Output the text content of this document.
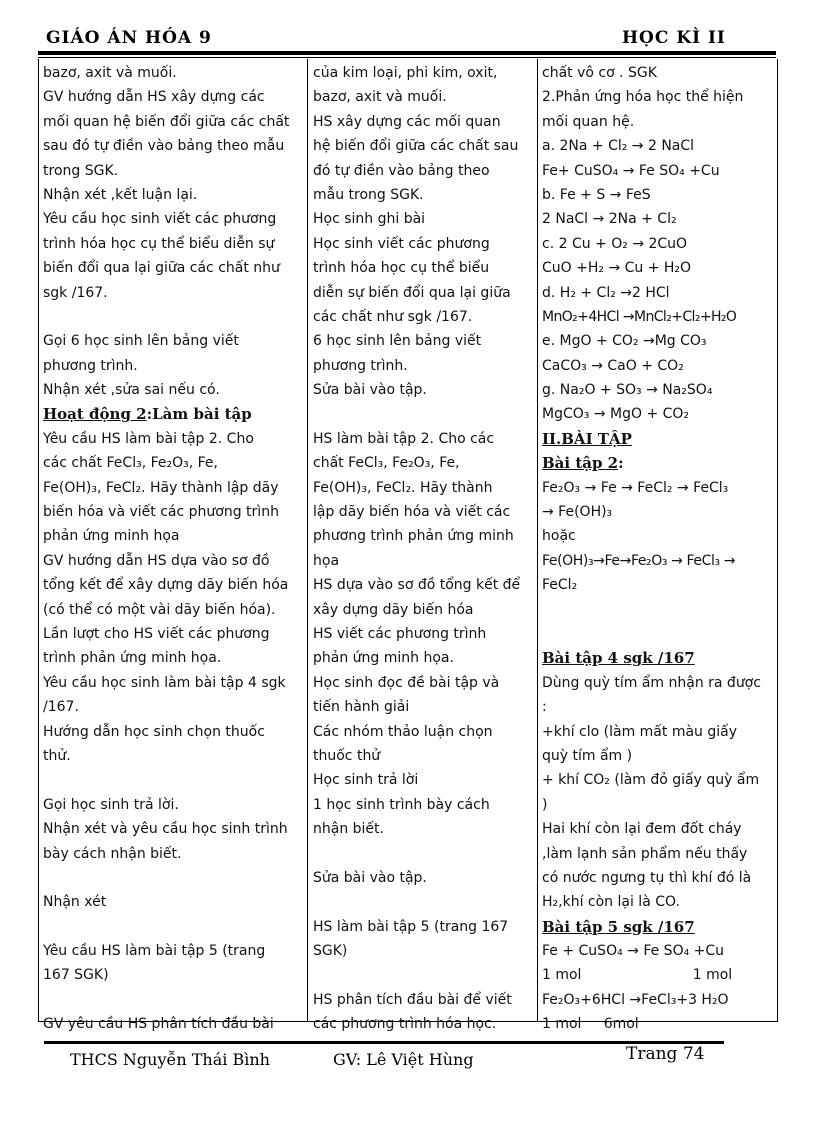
GIÁO ÁN HÓA 9	HỌC KÌ II
bazơ, axit và muối.
GV hướng dẫn HS xây dựng các
mối quan hệ biến đổi giữa các chất
sau đó tự điền vào bảng theo mẫu
trong SGK.
Nhận xét ,kết luận lại.
Yêu cầu học sinh viết các phương
trình hóa học cụ thể biểu diễn sự
biến đổi qua lại giữa các chất như
sgk /167.
Gọi 6 học sinh lên bảng viết
phương trình.
Nhận xét ,sửa sai nếu có.
Hoạt động 2:Làm bài tập
Yêu cầu HS làm bài tập 2. Cho
các chất FeCl₃, Fe₂O₃, Fe,
Fe(OH)₃, FeCl₂. Hãy thành lập dãy
biến hóa và viết các phương trình
phản ứng minh họa
GV hướng dẫn HS dựa vào sơ đồ
tổng kết để xây dựng dãy biến hóa
(có thể có một vài dãy biến hóa).
Lần lượt cho HS viết các phương
trình phản ứng minh họa.
Yêu cầu học sinh làm bài tập 4 sgk
/167.
Hướng dẫn học sinh chọn thuốc
thử.
Gọi học sinh trả lời.
Nhận xét và yêu cầu học sinh trình
bày cách nhận biết.
Nhận xét
Yêu cầu HS làm bài tập 5 (trang
167 SGK)
GV yêu cầu HS phân tích đầu bài
của kim loại, phi kim, oxit,
bazơ, axit và muối.
HS xây dựng các mối quan
hệ biến đổi giữa các chất sau
đó tự điền vào bảng theo
mẫu trong SGK.
Học sinh ghi bài
Học sinh viết các phương
trình hóa học cụ thể biểu
diễn sự biến đổi qua lại giữa
các chất như sgk /167.
6 học sinh lên bảng viết
phương trình.
Sửa bài vào tập.
HS làm bài tập 2. Cho các
chất FeCl₃, Fe₂O₃, Fe,
Fe(OH)₃, FeCl₂. Hãy thành
lập dãy biến hóa và viết các
phương trình phản ứng minh
họa
HS dựa vào sơ đồ tổng kết để
xây dựng dãy biến hóa
HS viết các phương trình
phản ứng minh họa.
Học sinh đọc đề bài tập và
tiến hành giải
Các nhóm thảo luận chọn
thuốc thử
Học sinh trả lời
1 học sinh trình bày cách
nhận biết.
Sửa bài vào tập.
HS làm bài tập 5 (trang 167
SGK)
HS phân tích đầu bài để viết
các phương trình hóa học.
chất vô cơ . SGK
2.Phản ứng hóa học thể hiện
mối quan hệ.
a. 2Na + Cl₂ → 2 NaCl
Fe+ CuSO₄ → Fe SO₄ +Cu
b. Fe + S → FeS
2 NaCl → 2Na + Cl₂
c. 2 Cu + O₂ → 2CuO
CuO +H₂ → Cu + H₂O
d. H₂ + Cl₂ →2 HCl
MnO₂+4HCl →MnCl₂+Cl₂+H₂O
e. MgO + CO₂ →Mg CO₃
CaCO₃ → CaO + CO₂
g. Na₂O + SO₃ → Na₂SO₄
MgCO₃ → MgO + CO₂
II.BÀI TẬP
Bài tập 2:
Fe₂O₃ → Fe → FeCl₂ → FeCl₃
→ Fe(OH)₃
hoặc
Fe(OH)₃→Fe→Fe₂O₃ → FeCl₃ →
FeCl₂
Bài tập 4 sgk /167
Dùng quỳ tím ẩm nhận ra được
:
+khí clo (làm mất màu giấy
quỳ tím ẩm )
+ khí CO₂ (làm đỏ giấy quỳ ẩm
)
Hai khí còn lại đem đốt cháy
,làm lạnh sản phẩm nếu thấy
có nước ngưng tụ thì khí đó là
H₂,khí còn lại là CO.
Bài tập 5 sgk /167
Fe + CuSO₄ → Fe SO₄ +Cu
1 mol                         1 mol
Fe₂O₃+6HCl →FeCl₃+3 H₂O
1 mol     6mol
THCS Nguyễn Thái Bình	GV: Lê Việt Hùng	Trang 74
